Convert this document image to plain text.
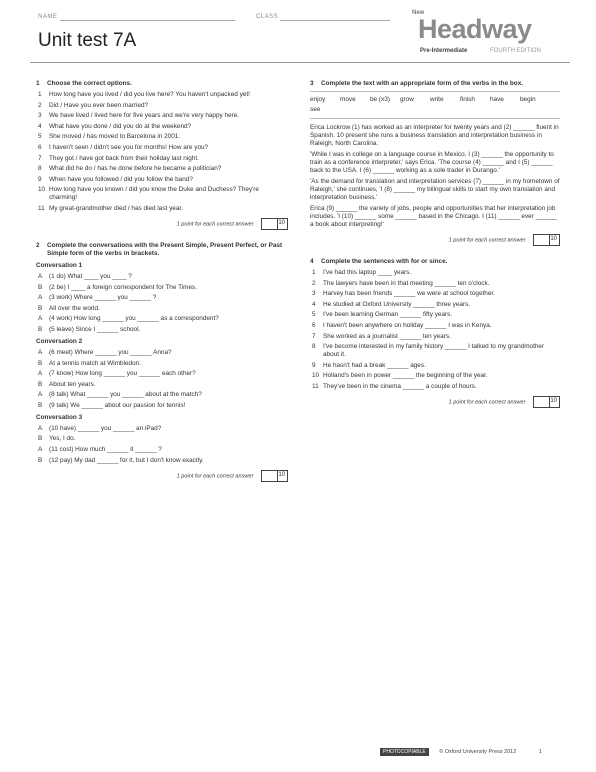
NAME	CLASS
Unit test 7A
New
Headway
Pre-Intermediate	FOURTH EDITION
1 Choose the correct options.
1 How long have you lived / did you live here? You haven't unpacked yet!
2 Did / Have you ever been married?
3 We have lived / lived here for five years and we're very happy here.
4 What have you done / did you do at the weekend?
5 She moved / has moved to Barcelona in 2001.
6 I haven't seen / didn't see you for months! How are you?
7 They got / have got back from their holiday last night.
8 What did he do / has he done before he became a politician?
9 When have you followed / did you follow the band?
10 How long have you known / did you know the Duke and Duchess? They're charming!
11 My great-grandmother died / has died last year.
1 point for each correct answer	10
2 Complete the conversations with the Present Simple, Present Perfect, or Past Simple form of the verbs in brackets.
Conversation 1
A (1 do) What ____ you ____ ?
B (2 be) I ____ a foreign correspondent for The Times.
A (3 work) Where ______ you ______ ?
B All over the world.
A (4 work) How long ______ you ______ as a correspondent?
B (5 leave) Since I ______ school.
Conversation 2
A (6 meet) Where ______ you ______ Anna?
B At a tennis match at Wimbledon.
A (7 know) How long ______ you ______ each other?
B About ten years.
A (8 talk) What ______ you ______ about at the match?
B (9 talk) We ______ about our passion for tennis!
Conversation 3
A (10 have) ______ you ______ an iPad?
B Yes, I do.
A (11 cost) How much ______ it ______ ?
B (12 pay) My dad ______ for it, but I don't know exactly.
1 point for each correct answer	10
3 Complete the text with an appropriate form of the verbs in the box.
enjoy	move	be (x3)	grow	write	finish	have	begin
see
Erica Lockrow (1) has worked as an interpreter for twenty years and (2) ______ fluent in Spanish. 10 present she runs a business translation and interpretation business in Raleigh, North Carolina.
'While I was in college on a language course in Mexico, I (3) ______ the opportunity to train as a conference interpreter,' says Erica. 'The course (4) ______ and I (5) ______ back to the USA. I (6) ______ working as a sole trader in Durango.'
'As the demand for translation and interpretation services (7) ______ in my hometown of Raleigh,' she continues, 'I (8) ______ my bilingual skills to start my own translation and interpretation business.'
Erica (9) ______ the variety of jobs, people and opportunities that her interpretation job includes. 'I (10) ______ some ______ based in the Chicago. I (11) ______ ever ______ a book about interpreting!'
1 point for each correct answer	10
4 Complete the sentences with for or since.
1 I've had this laptop ____ years.
2 The lawyers have been in that meeting ______ ten o'clock.
3 Harvey has been friends ______ we were at school together.
4 He studied at Oxford University ______ three years.
5 I've been learning German ______ fifty years.
6 I haven't been anywhere on holiday ______ I was in Kenya.
7 She worked as a journalist ______ ten years.
8 I've become interested in my family history ______ I talked to my grandmother about it.
9 He hasn't had a break ______ ages.
10 Holland's been in power ______ the beginning of the year.
11 They've been in the cinema ______ a couple of hours.
1 point for each correct answer	10
PHOTOCOPIABLE © Oxford University Press 2012	1
